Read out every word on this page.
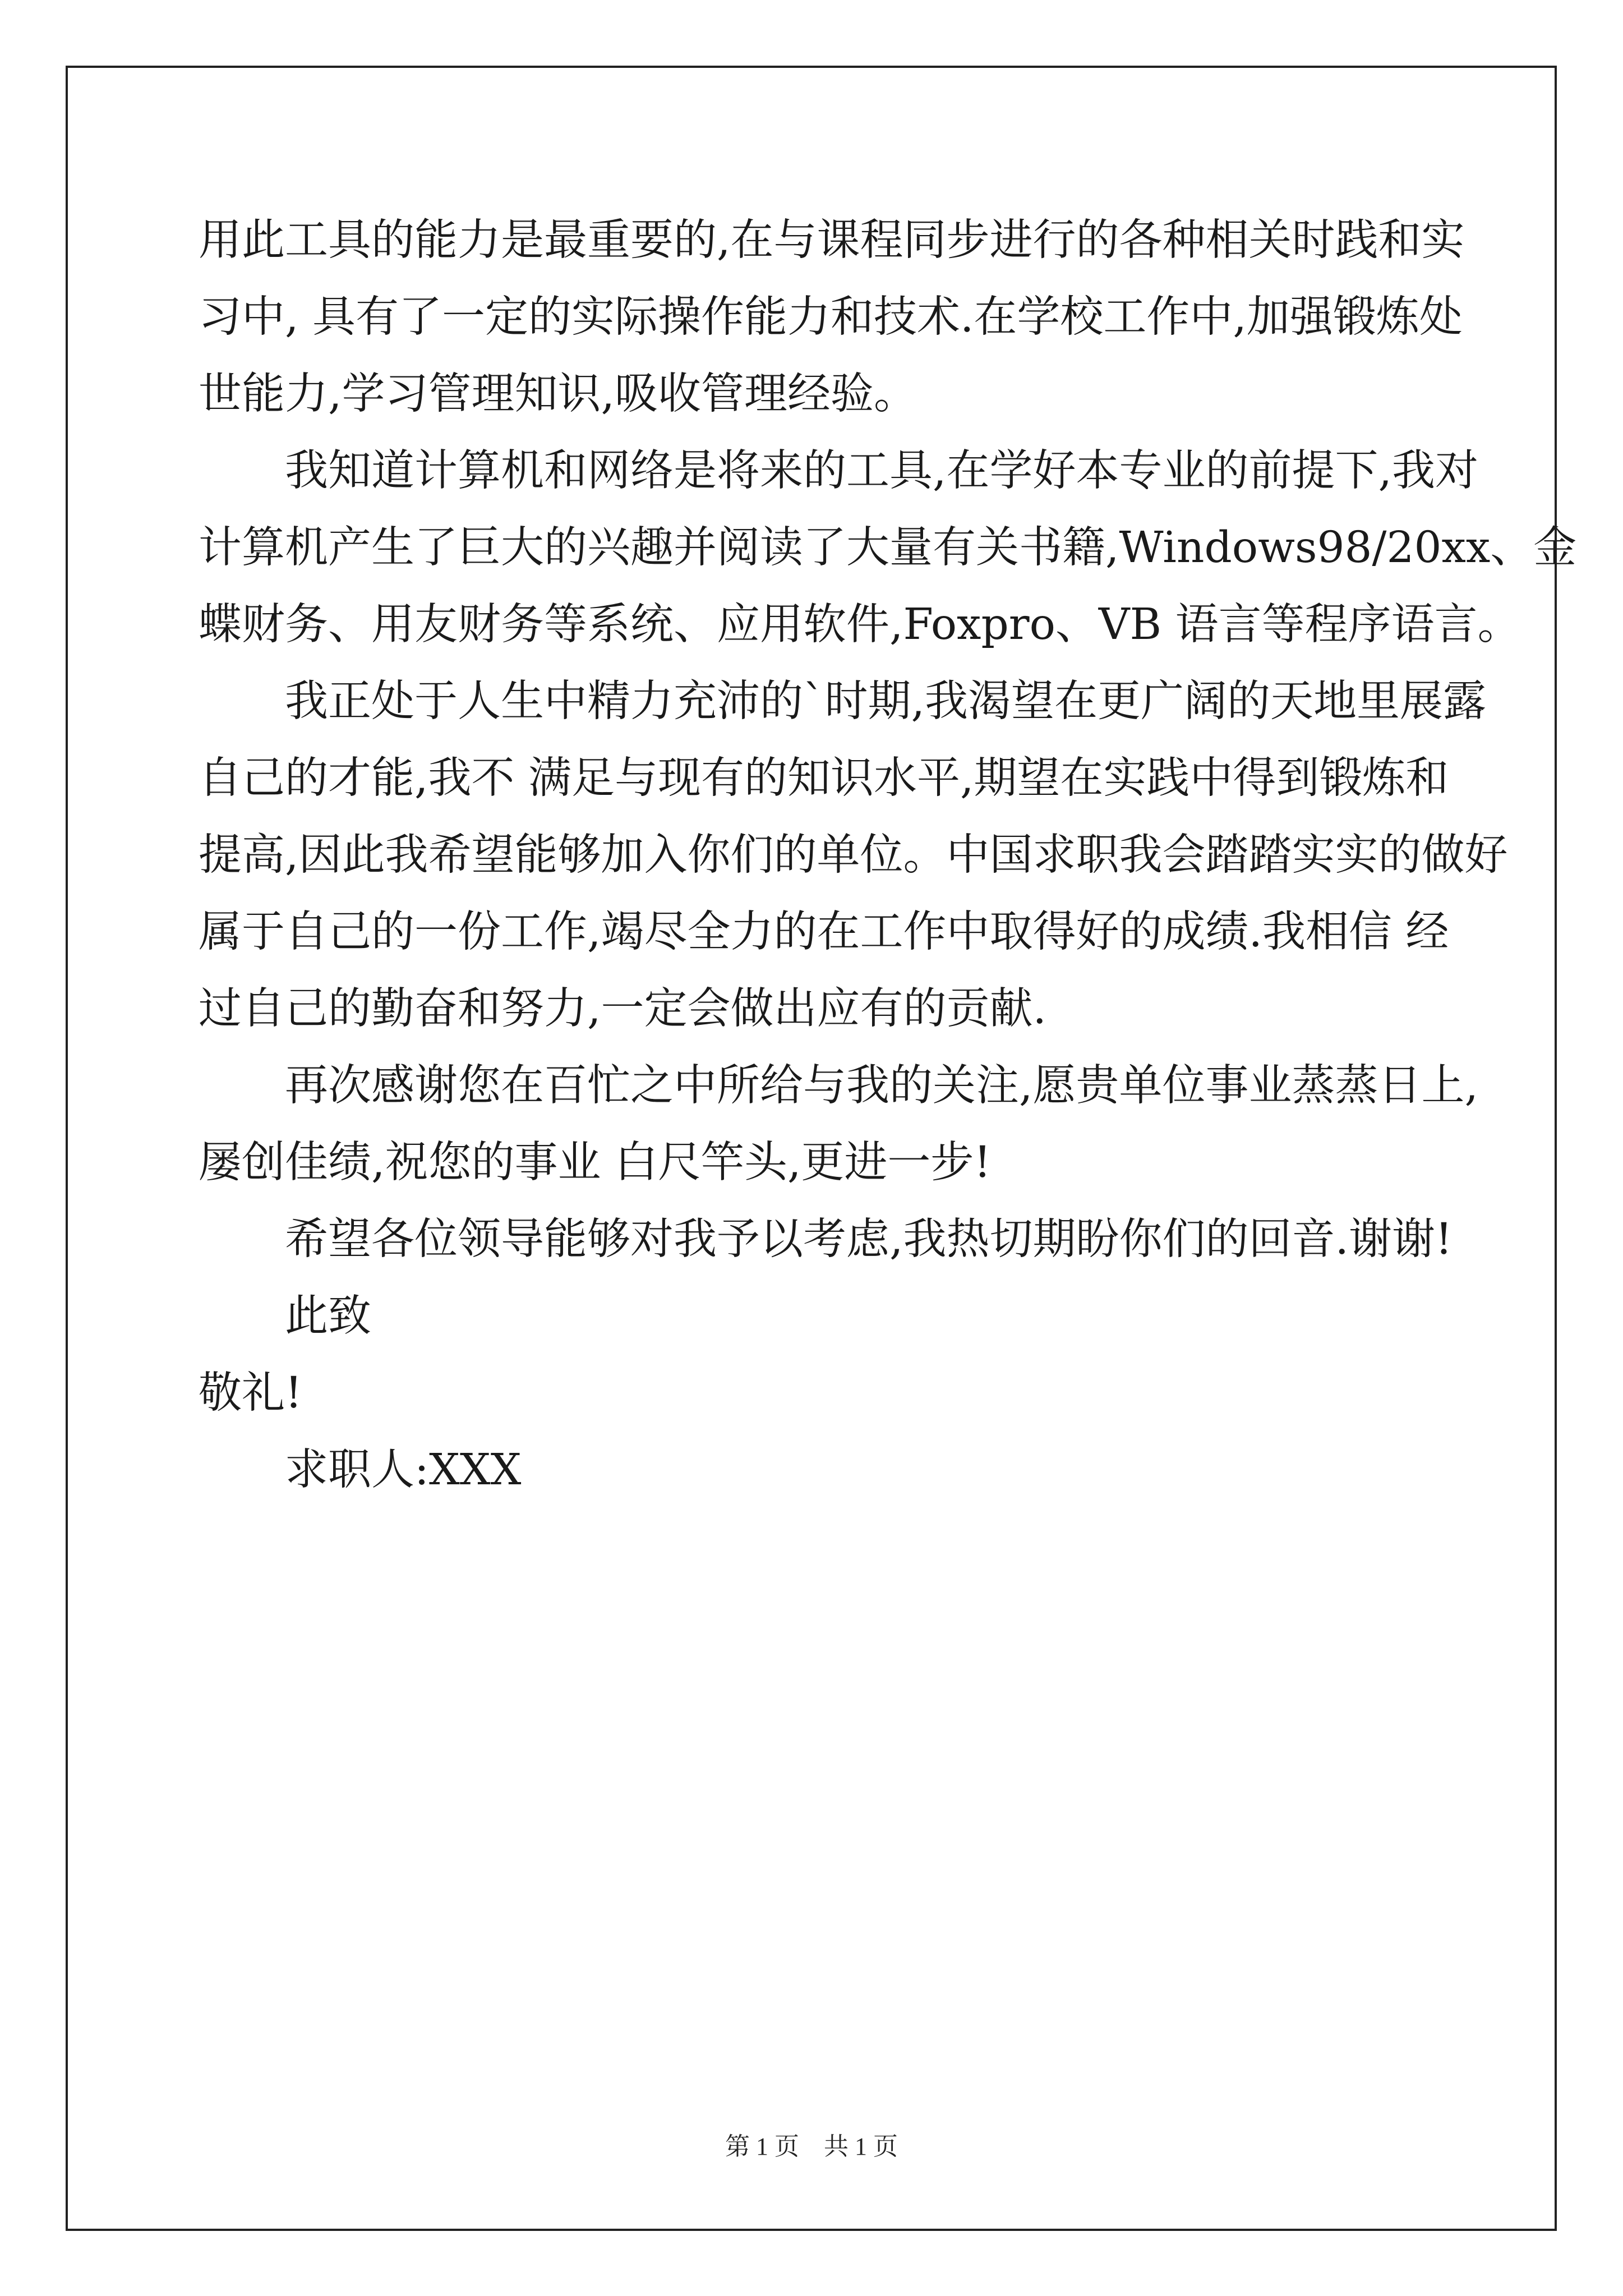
用此工具的能力是最重要的,在与课程同步进行的各种相关时践和实
习中, 具有了一定的实际操作能力和技术.在学校工作中,加强锻炼处
世能力,学习管理知识,吸收管理经验。
我知道计算机和网络是将来的工具,在学好本专业的前提下,我对
计算机产生了巨大的兴趣并阅读了大量有关书籍,Windows98/20xx、金
蝶财务、用友财务等系统、应用软件,Foxpro、VB 语言等程序语言。
我正处于人生中精力充沛的`时期,我渴望在更广阔的天地里展露
自己的才能,我不 满足与现有的知识水平,期望在实践中得到锻炼和
提高,因此我希望能够加入你们的单位。中国求职我会踏踏实实的做好
属于自己的一份工作,竭尽全力的在工作中取得好的成绩.我相信 经
过自己的勤奋和努力,一定会做出应有的贡献.
再次感谢您在百忙之中所给与我的关注,愿贵单位事业蒸蒸日上,
屡创佳绩,祝您的事业 白尺竿头,更进一步!
希望各位领导能够对我予以考虑,我热切期盼你们的回音.谢谢!
此致
敬礼!
求职人:XXX
第 1 页　共 1 页
